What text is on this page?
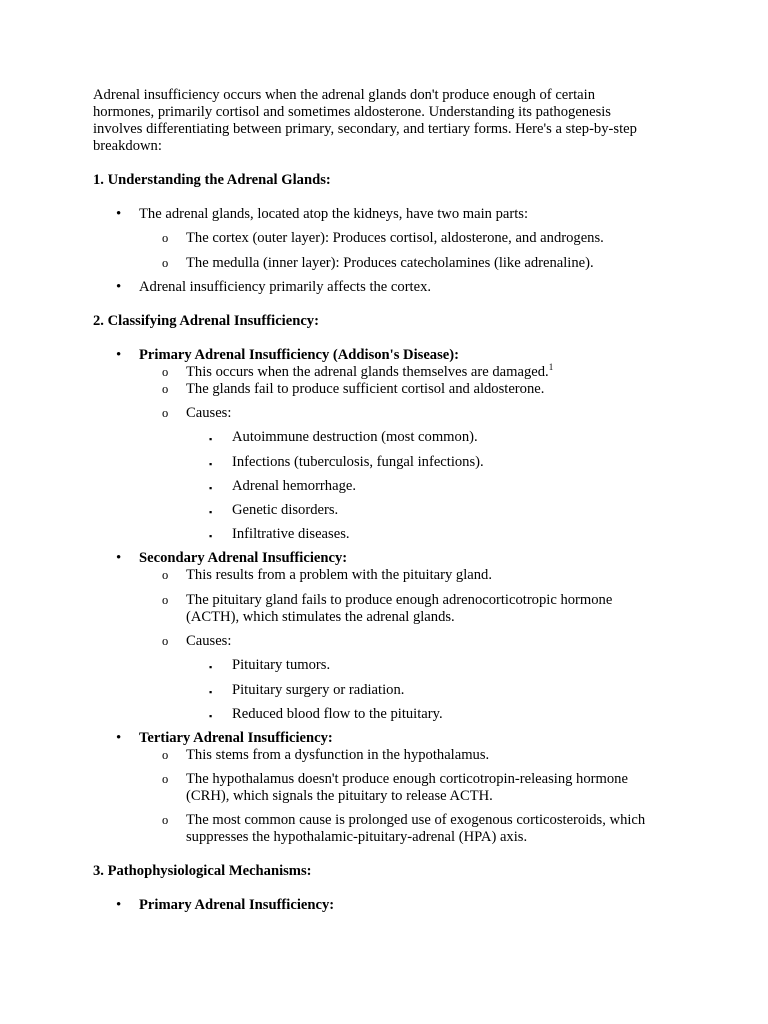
Adrenal insufficiency occurs when the adrenal glands don't produce enough of certain
hormones, primarily cortisol and sometimes aldosterone. Understanding its pathogenesis
involves differentiating between primary, secondary, and tertiary forms. Here's a step-by-step
breakdown:
1. Understanding the Adrenal Glands:
• The adrenal glands, located atop the kidneys, have two main parts:
o The cortex (outer layer): Produces cortisol, aldosterone, and androgens.
o The medulla (inner layer): Produces catecholamines (like adrenaline).
• Adrenal insufficiency primarily affects the cortex.
2. Classifying Adrenal Insufficiency:
• Primary Adrenal Insufficiency (Addison's Disease):
o This occurs when the adrenal glands themselves are damaged.$^1$
o The glands fail to produce sufficient cortisol and aldosterone.
o Causes:
▪ Autoimmune destruction (most common).
▪ Infections (tuberculosis, fungal infections).
▪ Adrenal hemorrhage.
▪ Genetic disorders.
▪ Infiltrative diseases.
• Secondary Adrenal Insufficiency:
o This results from a problem with the pituitary gland.
o The pituitary gland fails to produce enough adrenocorticotropic hormone
(ACTH), which stimulates the adrenal glands.
o Causes:
▪ Pituitary tumors.
▪ Pituitary surgery or radiation.
▪ Reduced blood flow to the pituitary.
• Tertiary Adrenal Insufficiency:
o This stems from a dysfunction in the hypothalamus.
o The hypothalamus doesn't produce enough corticotropin-releasing hormone
(CRH), which signals the pituitary to release ACTH.
o The most common cause is prolonged use of exogenous corticosteroids, which
suppresses the hypothalamic-pituitary-adrenal (HPA) axis.
3. Pathophysiological Mechanisms:
• Primary Adrenal Insufficiency:
